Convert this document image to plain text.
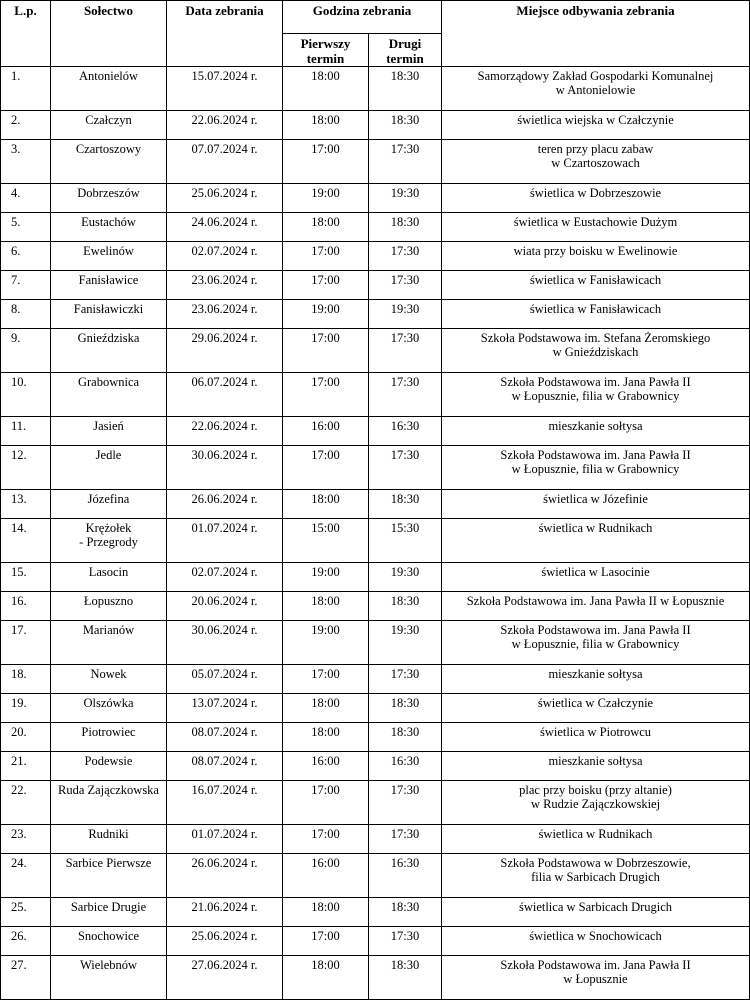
L.p.	Sołectwo	Data zebrania	Godzina zebrania		Miejsce odbywania zebrania
			Pierwszy termin	Drugi termin	
1.	Antonielów	15.07.2024 r.	18:00	18:30	Samorządowy Zakład Gospodarki Komunalnej
w Antonielowie

2.	Czałczyn	22.06.2024 r.	18:00	18:30	świetlica wiejska w Czałczynie

3.	Czartoszowy	07.07.2024 r.	17:00	17:30	teren przy placu zabaw
w Czartoszowach

4.	Dobrzeszów	25.06.2024 r.	19:00	19:30	świetlica w Dobrzeszowie

5.	Eustachów	24.06.2024 r.	18:00	18:30	świetlica w Eustachowie Dużym

6.	Ewelinów	02.07.2024 r.	17:00	17:30	wiata przy boisku w Ewelinowie

7.	Fanisławice	23.06.2024 r.	17:00	17:30	świetlica w Fanisławicach

8.	Fanisławiczki	23.06.2024 r.	19:00	19:30	świetlica w Fanisławicach

9.	Gnieździska	29.06.2024 r.	17:00	17:30	Szkoła Podstawowa im. Stefana Żeromskiego
w Gnieździskach

10.	Grabownica	06.07.2024 r.	17:00	17:30	Szkoła Podstawowa im. Jana Pawła II
w Łopusznie, filia w Grabownicy

11.	Jasień	22.06.2024 r.	16:00	16:30	mieszkanie sołtysa

12.	Jedle	30.06.2024 r.	17:00	17:30	Szkoła Podstawowa im. Jana Pawła II
w Łopusznie, filia w Grabownicy

13.	Józefina	26.06.2024 r.	18:00	18:30	świetlica w Józefinie

14.	Krężołek
- Przegrody	01.07.2024 r.	15:00	15:30	świetlica w Rudnikach

15.	Lasocin	02.07.2024 r.	19:00	19:30	świetlica w Lasocinie

16.	Łopuszno	20.06.2024 r.	18:00	18:30	Szkoła Podstawowa im. Jana Pawła II w Łopusznie

17.	Marianów	30.06.2024 r.	19:00	19:30	Szkoła Podstawowa im. Jana Pawła II
w Łopusznie, filia w Grabownicy

18.	Nowek	05.07.2024 r.	17:00	17:30	mieszkanie sołtysa

19.	Olszówka	13.07.2024 r.	18:00	18:30	świetlica w Czałczynie

20.	Piotrowiec	08.07.2024 r.	18:00	18:30	świetlica w Piotrowcu

21.	Podewsie	08.07.2024 r.	16:00	16:30	mieszkanie sołtysa

22.	Ruda Zajączkowska	16.07.2024 r.	17:00	17:30	plac przy boisku (przy altanie)
w Rudzie Zajączkowskiej

23.	Rudniki	01.07.2024 r.	17:00	17:30	świetlica w Rudnikach

24.	Sarbice Pierwsze	26.06.2024 r.	16:00	16:30	Szkoła Podstawowa w Dobrzeszowie,
filia w Sarbicach Drugich

25.	Sarbice Drugie	21.06.2024 r.	18:00	18:30	świetlica w Sarbicach Drugich

26.	Snochowice	25.06.2024 r.	17:00	17:30	świetlica w Snochowicach

27.	Wielebnów	27.06.2024 r.	18:00	18:30	Szkoła Podstawowa im. Jana Pawła II
w Łopusznie
